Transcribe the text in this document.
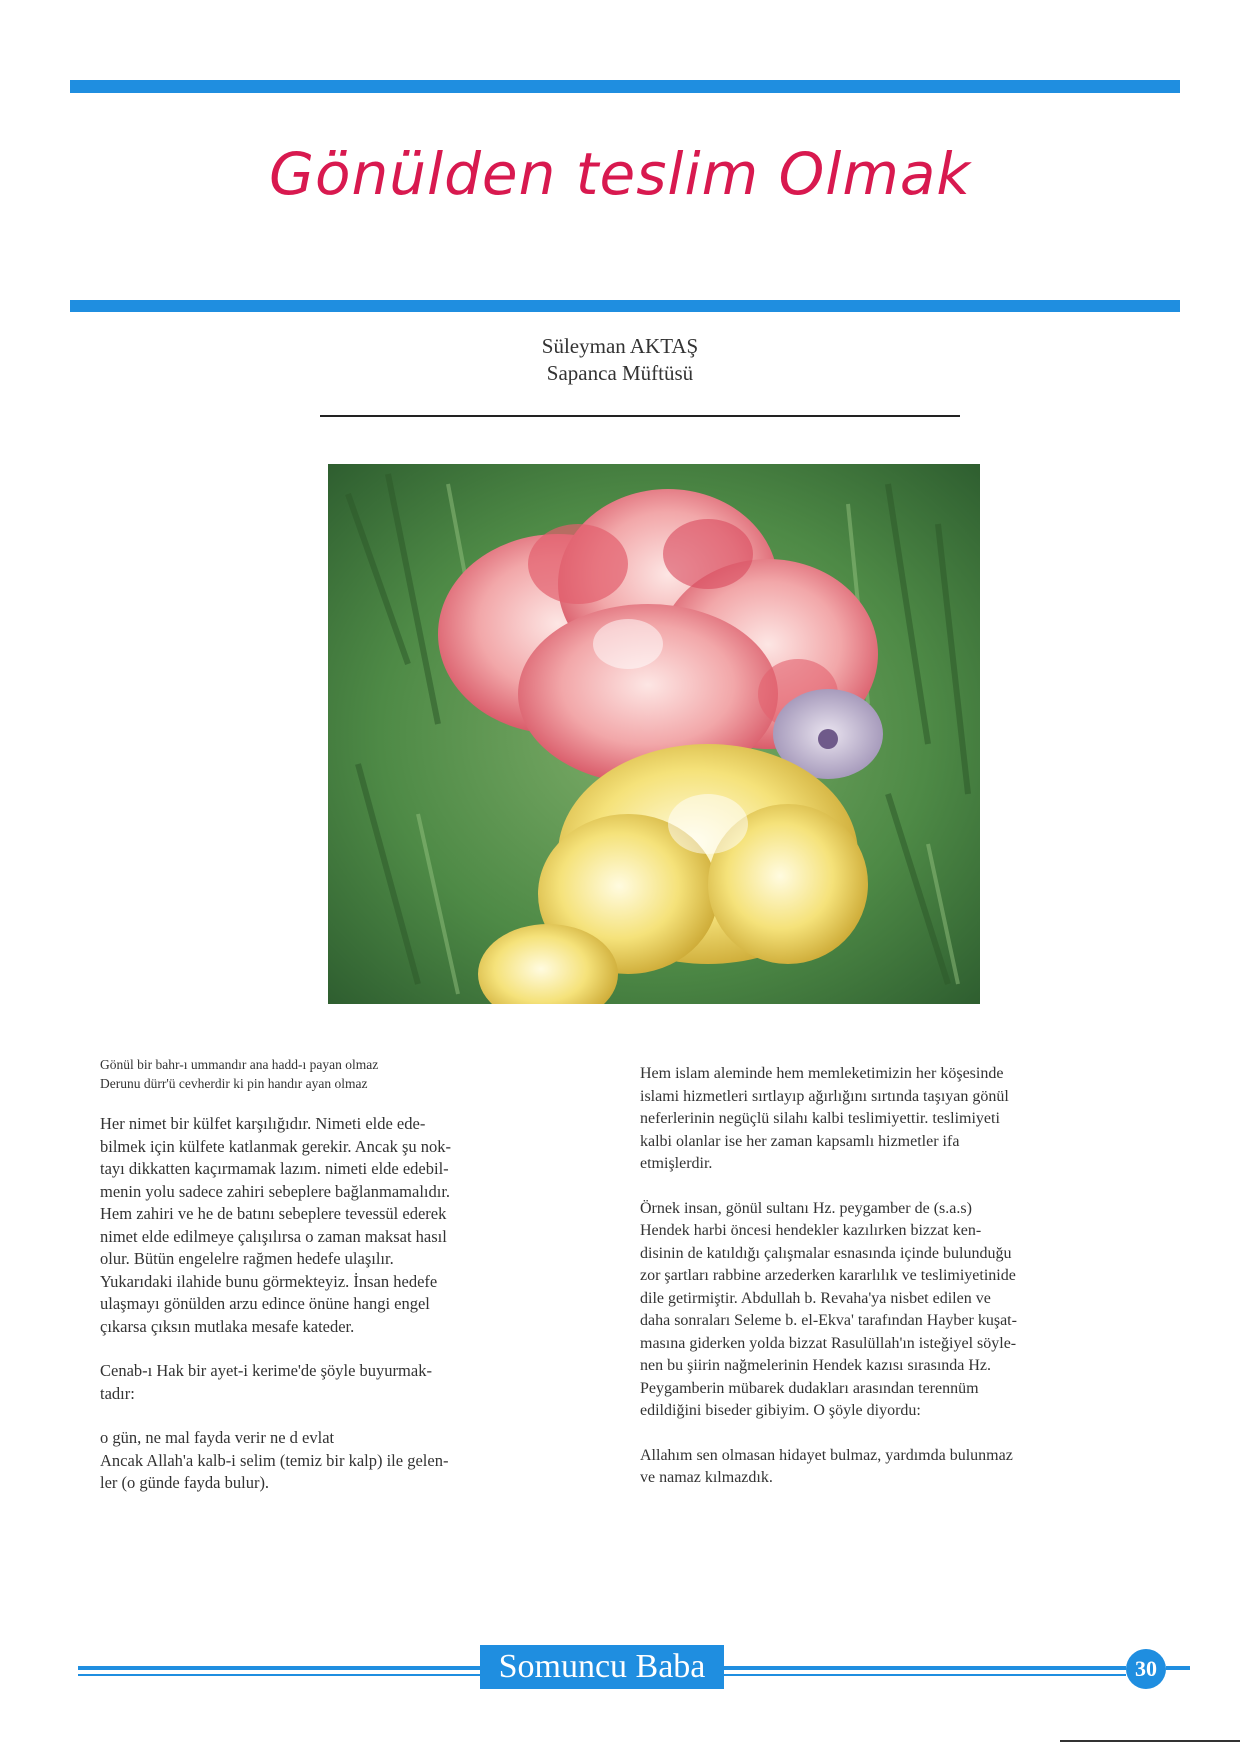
Gönülden teslim Olmak
Süleyman AKTAŞ
Sapanca Müftüsü

Gönül bir bahr-ı ummandır ana hadd-ı payan olmaz
Derunu dürr'ü cevherdir ki pin handır ayan olmaz

Her nimet bir külfet karşılığıdır. Nimeti elde ede-
bilmek için külfete katlanmak gerekir. Ancak şu nok-
tayı dikkatten kaçırmamak lazım. nimeti elde edebil-
menin yolu sadece zahiri sebeplere bağlanmamalıdır.
Hem zahiri ve he de batını sebeplere tevessül ederek
nimet elde edilmeye çalışılırsa o zaman maksat hasıl
olur. Bütün engelelre rağmen hedefe ulaşılır.
Yukarıdaki ilahide bunu görmekteyiz. İnsan hedefe
ulaşmayı gönülden arzu edince önüne hangi engel
çıkarsa çıksın mutlaka mesafe kateder.

Cenab-ı Hak bir ayet-i kerime'de şöyle buyurmak-
tadır:

o gün, ne mal fayda verir ne d evlat
Ancak Allah'a kalb-i selim (temiz bir kalp) ile gelen-
ler (o günde fayda bulur).

Hem islam aleminde hem memleketimizin her köşesinde
islami hizmetleri sırtlayıp ağırlığını sırtında taşıyan gönül
neferlerinin negüçlü silahı kalbi teslimiyettir. teslimiyeti
kalbi olanlar ise her zaman kapsamlı hizmetler ifa
etmişlerdir.

Örnek insan, gönül sultanı Hz. peygamber de (s.a.s)
Hendek harbi öncesi hendekler kazılırken bizzat ken-
disinin de katıldığı çalışmalar esnasında içinde bulunduğu
zor şartları rabbine arzederken kararlılık ve teslimiyetinide
dile getirmiştir. Abdullah b. Revaha'ya nisbet edilen ve
daha sonraları Seleme b. el-Ekva' tarafından Hayber kuşat-
masına giderken yolda bizzat Rasulüllah'ın isteğiyel söyle-
nen bu şiirin nağmelerinin Hendek kazısı sırasında Hz.
Peygamberin mübarek dudakları arasından terennüm
edildiğini biseder gibiyim. O şöyle diyordu:

Allahım sen olmasan hidayet bulmaz, yardımda bulunmaz
ve namaz kılmazdık.

Somuncu Baba	30
